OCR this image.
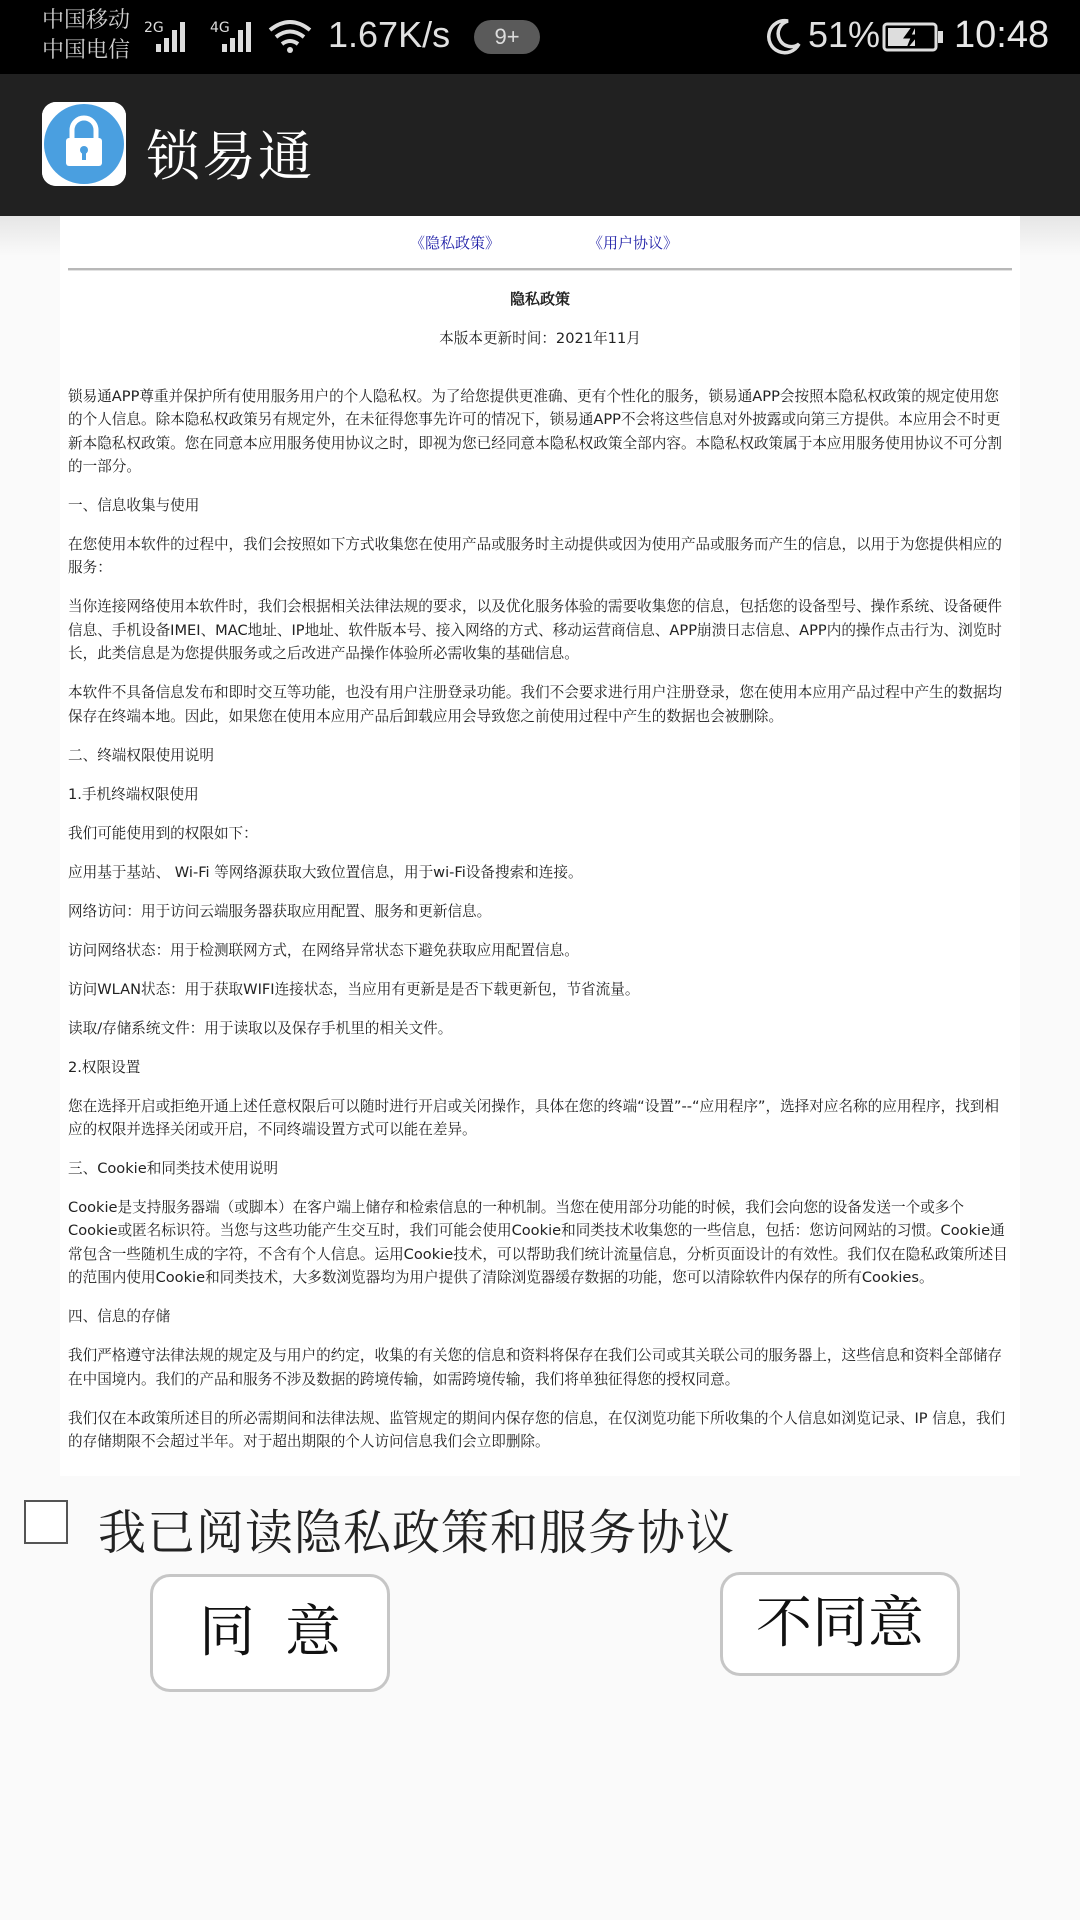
中国移动
中国电信
2G	4G	1.67K/s	9+	51% 10:48
锁易通
《隐私政策》	《用户协议》

隐私政策

本版本更新时间：2021年11月

锁易通APP尊重并保护所有使用服务用户的个人隐私权。为了给您提供更准确、更有个性化的服务，锁易通APP会按照本隐私权政策的规定使用您的个人信息。除本隐私权政策另有规定外，在未征得您事先许可的情况下，锁易通APP不会将这些信息对外披露或向第三方提供。本应用会不时更新本隐私权政策。您在同意本应用服务使用协议之时，即视为您已经同意本隐私权政策全部内容。本隐私权政策属于本应用服务使用协议不可分割的一部分。

一、信息收集与使用

在您使用本软件的过程中，我们会按照如下方式收集您在使用产品或服务时主动提供或因为使用产品或服务而产生的信息，以用于为您提供相应的服务：

当你连接网络使用本软件时，我们会根据相关法律法规的要求，以及优化服务体验的需要收集您的信息，包括您的设备型号、操作系统、设备硬件信息、手机设备IMEI、MAC地址、IP地址、软件版本号、接入网络的方式、移动运营商信息、APP崩溃日志信息、APP内的操作点击行为、浏览时长，此类信息是为您提供服务或之后改进产品操作体验所必需收集的基础信息。

本软件不具备信息发布和即时交互等功能，也没有用户注册登录功能。我们不会要求进行用户注册登录，您在使用本应用产品过程中产生的数据均保存在终端本地。因此，如果您在使用本应用产品后卸载应用会导致您之前使用过程中产生的数据也会被删除。

二、终端权限使用说明

1.手机终端权限使用

我们可能使用到的权限如下：

应用基于基站、 Wi-Fi 等网络源获取大致位置信息，用于wi-Fi设备搜索和连接。

网络访问：用于访问云端服务器获取应用配置、服务和更新信息。

访问网络状态：用于检测联网方式，在网络异常状态下避免获取应用配置信息。

访问WLAN状态：用于获取WIFI连接状态，当应用有更新是是否下载更新包，节省流量。

读取/存储系统文件：用于读取以及保存手机里的相关文件。

2.权限设置

您在选择开启或拒绝开通上述任意权限后可以随时进行开启或关闭操作，具体在您的终端“设置”--“应用程序”，选择对应名称的应用程序，找到相应的权限并选择关闭或开启，不同终端设置方式可以能在差异。

三、Cookie和同类技术使用说明

Cookie是支持服务器端（或脚本）在客户端上储存和检索信息的一种机制。当您在使用部分功能的时候，我们会向您的设备发送一个或多个Cookie或匿名标识符。当您与这些功能产生交互时，我们可能会使用Cookie和同类技术收集您的一些信息，包括：您访问网站的习惯。Cookie通常包含一些随机生成的字符，不含有个人信息。运用Cookie技术，可以帮助我们统计流量信息，分析页面设计的有效性。我们仅在隐私政策所述目的范围内使用Cookie和同类技术，大多数浏览器均为用户提供了清除浏览器缓存数据的功能，您可以清除软件内保存的所有Cookies。

四、信息的存储

我们严格遵守法律法规的规定及与用户的约定，收集的有关您的信息和资料将保存在我们公司或其关联公司的服务器上，这些信息和资料全部储存在中国境内。我们的产品和服务不涉及数据的跨境传输，如需跨境传输，我们将单独征得您的授权同意。

我们仅在本政策所述目的所必需期间和法律法规、监管规定的期间内保存您的信息，在仅浏览功能下所收集的个人信息如浏览记录、IP 信息，我们的存储期限不会超过半年。对于超出期限的个人访问信息我们会立即删除。

我已阅读隐私政策和服务协议
同意	不同意
